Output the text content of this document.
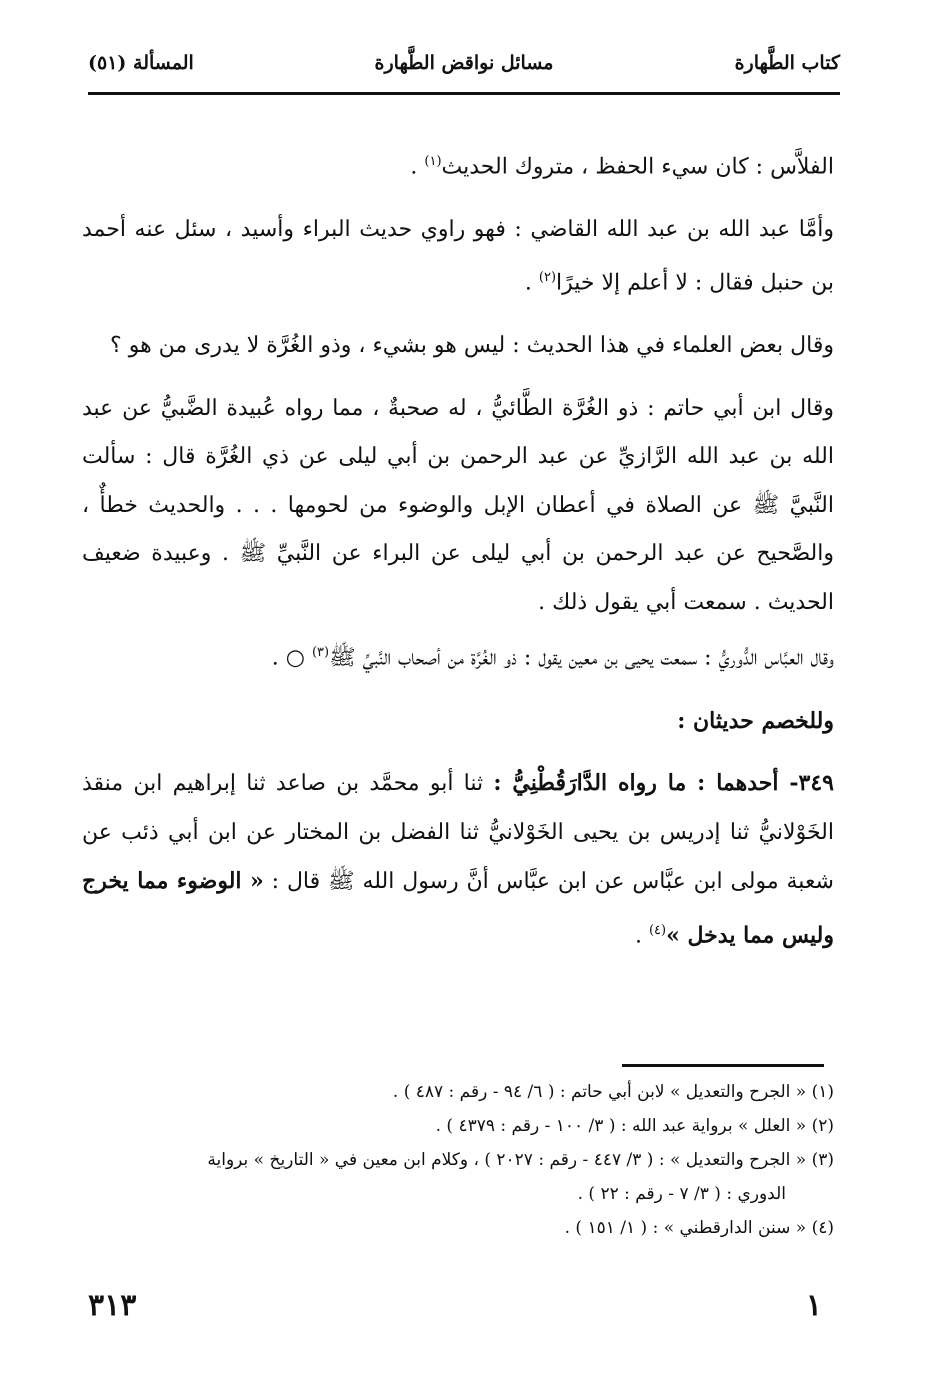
كتاب الطَّهارة
مسائل نواقض الطَّهارة
المسألة (٥١)

الفلاَّس : كان سيء الحفظ ، متروك الحديث$^{(١)}$ .

وأمَّا عبد الله بن عبد الله القاضي : فهو راوي حديث البراء وأسيد ، سئل عنه أحمد بن حنبل فقال : لا أعلم إلا خيرًا$^{(٢)}$ .

وقال بعض العلماء في هذا الحديث : ليس هو بشيء ، وذو الغُرَّة لا يدرى من هو ؟

وقال ابن أبي حاتم : ذو الغُرَّة الطَّائيُّ ، له صحبةٌ ، مما رواه عُبيدة الضَّبيُّ عن عبد الله بن عبد الله الرَّازيِّ عن عبد الرحمن بن أبي ليلى عن ذي الغُرَّة قال : سألت النَّبيَّ ﷺ عن الصلاة في أعطان الإبل والوضوء من لحومها . . . والحديث خطأٌ ، والصَّحيح عن عبد الرحمن بن أبي ليلى عن البراء عن النَّبيِّ ﷺ . وعبيدة ضعيف الحديث . سمعت أبي يقول ذلك .

وقال العبَّاس الدُّوريُّ : سمعت يحيى بن معين يقول : ذو الغُرَّة من أصحاب النَّبيِّ ﷺ$^{(٣)}$ ○ .

وللخصم حديثان :

٣٤٩- أحدهما : ما رواه الدَّارَقُطْنِيُّ : ثنا أبو محمَّد بن صاعد ثنا إبراهيم ابن منقذ الخَوْلانيُّ ثنا إدريس بن يحيى الخَوْلانيُّ ثنا الفضل بن المختار عن ابن أبي ذئب عن شعبة مولى ابن عبَّاس عن ابن عبَّاس أنَّ رسول الله ﷺ قال : « الوضوء مما يخرج وليس مما يدخل »$^{(٤)}$ .

(١) « الجرح والتعديل » لابن أبي حاتم : ( ٦/ ٩٤ - رقم : ٤٨٧ ) .
(٢) « العلل » برواية عبد الله : ( ٣/ ١٠٠ - رقم : ٤٣٧٩ ) .
(٣) « الجرح والتعديل » : ( ٣/ ٤٤٧ - رقم : ٢٠٢٧ ) ، وكلام ابن معين في « التاريخ » برواية
الدوري : ( ٣/ ٧ - رقم : ٢٢ ) .
(٤) « سنن الدارقطني » : ( ١/ ١٥١ ) .
١
٣١٣
